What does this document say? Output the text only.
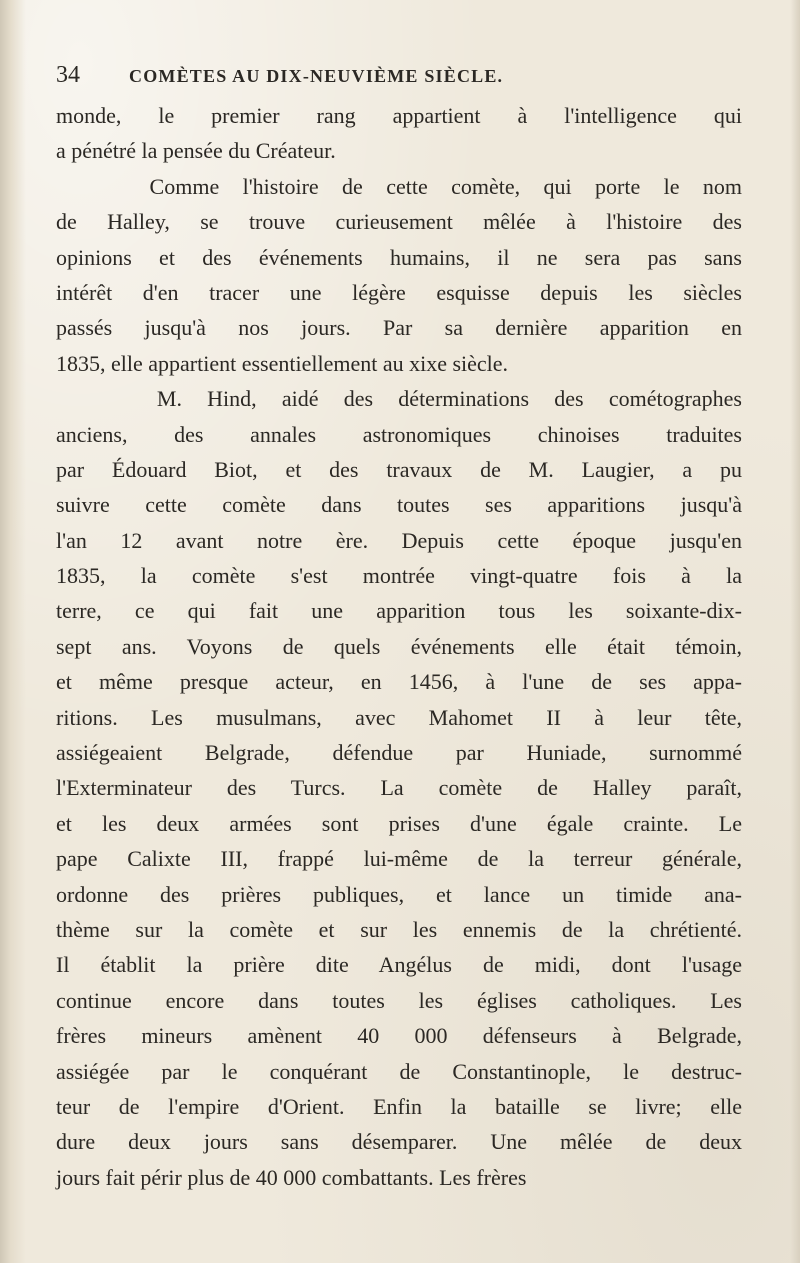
34	COMÈTES AU DIX-NEUVIÈME SIÈCLE.
monde, le premier rang appartient à l'intelligence qui
a pénétré la pensée du Créateur.
Comme l'histoire de cette comète, qui porte le nom
de Halley, se trouve curieusement mêlée à l'histoire des
opinions et des événements humains, il ne sera pas sans
intérêt d'en tracer une légère esquisse depuis les siècles
passés jusqu'à nos jours. Par sa dernière apparition en
1835, elle appartient essentiellement au xixe siècle.
M. Hind, aidé des déterminations des cométographes
anciens, des annales astronomiques chinoises traduites
par Édouard Biot, et des travaux de M. Laugier, a pu
suivre cette comète dans toutes ses apparitions jusqu'à
l'an 12 avant notre ère. Depuis cette époque jusqu'en
1835, la comète s'est montrée vingt-quatre fois à la
terre, ce qui fait une apparition tous les soixante-dix-
sept ans. Voyons de quels événements elle était témoin,
et même presque acteur, en 1456, à l'une de ses appa-
ritions. Les musulmans, avec Mahomet II à leur tête,
assiégeaient Belgrade, défendue par Huniade, surnommé
l'Exterminateur des Turcs. La comète de Halley paraît,
et les deux armées sont prises d'une égale crainte. Le
pape Calixte III, frappé lui-même de la terreur générale,
ordonne des prières publiques, et lance un timide ana-
thème sur la comète et sur les ennemis de la chrétienté.
Il établit la prière dite Angélus de midi, dont l'usage
continue encore dans toutes les églises catholiques. Les
frères mineurs amènent 40 000 défenseurs à Belgrade,
assiégée par le conquérant de Constantinople, le destruc-
teur de l'empire d'Orient. Enfin la bataille se livre; elle
dure deux jours sans désemparer. Une mêlée de deux
jours fait périr plus de 40 000 combattants. Les frères
